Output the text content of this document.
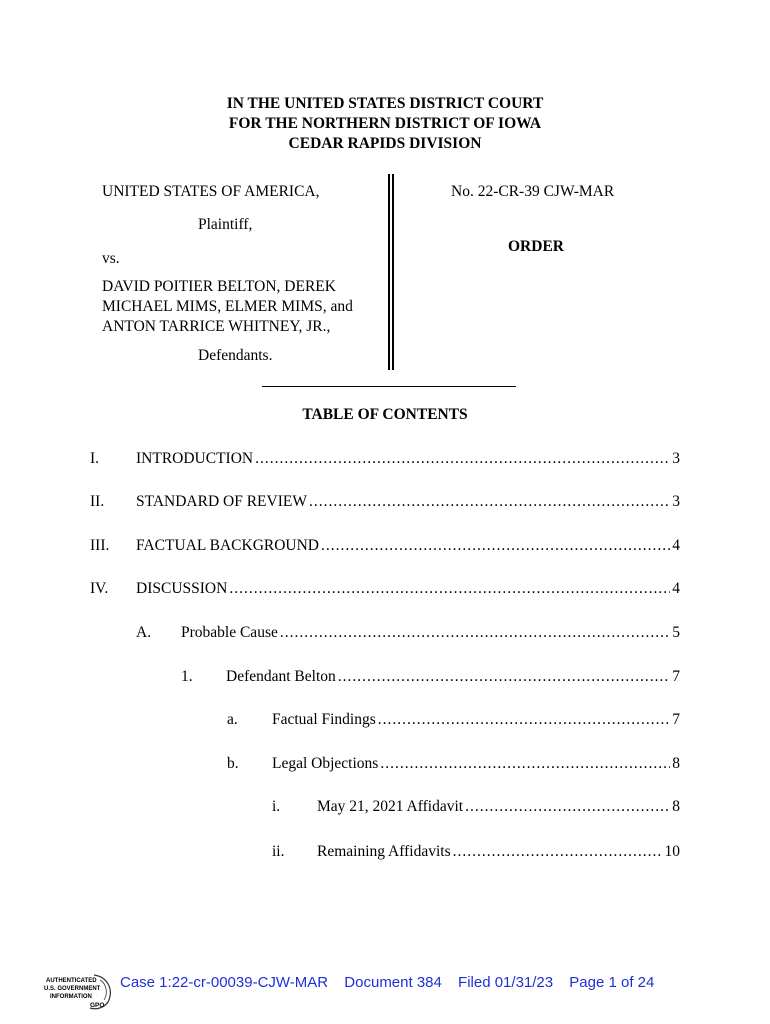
IN THE UNITED STATES DISTRICT COURT
FOR THE NORTHERN DISTRICT OF IOWA
CEDAR RAPIDS DIVISION
UNITED STATES OF AMERICA,
Plaintiff,
vs.
DAVID POITIER BELTON, DEREK
MICHAEL MIMS, ELMER MIMS, and
ANTON TARRICE WHITNEY, JR.,
Defendants.
No. 22-CR-39 CJW-MAR
ORDER
TABLE OF CONTENTS
I. INTRODUCTION .....	3
II. STANDARD OF REVIEW .....	3
III. FACTUAL BACKGROUND .....	4
IV. DISCUSSION .....	4
A. Probable Cause .....	5
1. Defendant Belton .....	7
a. Factual Findings .....	7
b. Legal Objections .....	8
i. May 21, 2021 Affidavit .....	8
ii. Remaining Affidavits .....	10
AUTHENTICATED
U.S. GOVERNMENT
INFORMATION
GPO
Case 1:22-cr-00039-CJW-MAR Document 384 Filed 01/31/23 Page 1 of 24
